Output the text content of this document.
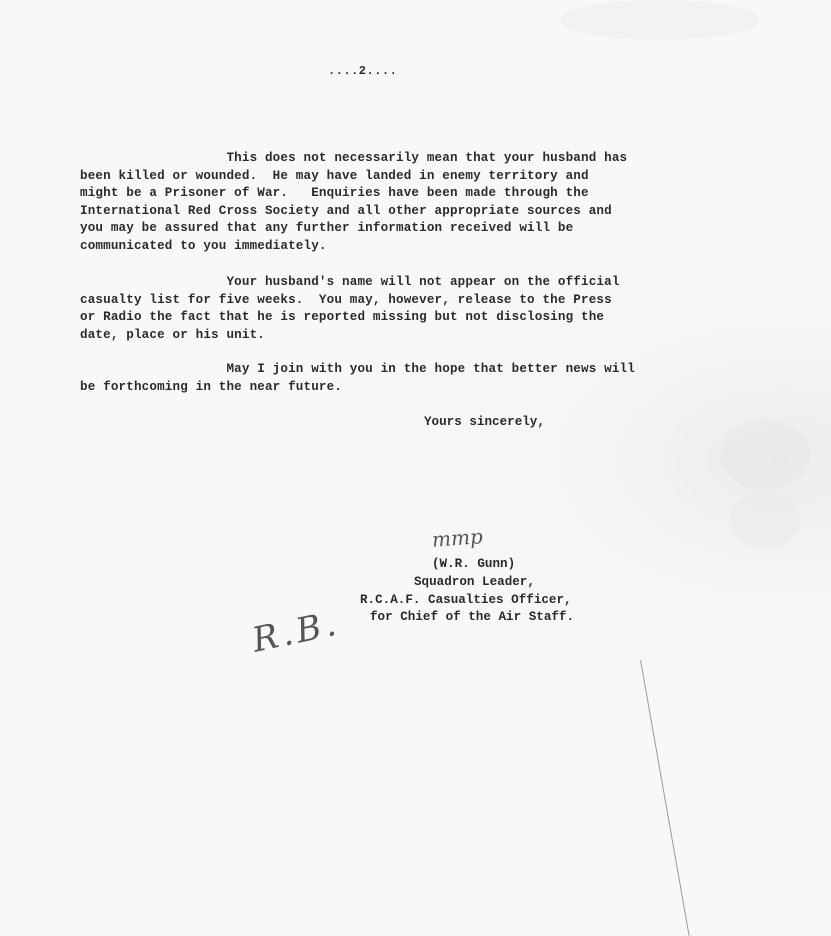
....2....
This does not necessarily mean that your husband has
been killed or wounded.  He may have landed in enemy territory and
might be a Prisoner of War.   Enquiries have been made through the
International Red Cross Society and all other appropriate sources and
you may be assured that any further information received will be
communicated to you immediately.
Your husband's name will not appear on the official
casualty list for five weeks.  You may, however, release to the Press
or Radio the fact that he is reported missing but not disclosing the
date, place or his unit.
May I join with you in the hope that better news will
be forthcoming in the near future.
Yours sincerely,
mmp
(W.R. Gunn)
Squadron Leader,
R.C.A.F. Casualties Officer,
for Chief of the Air Staff.
R.B.
